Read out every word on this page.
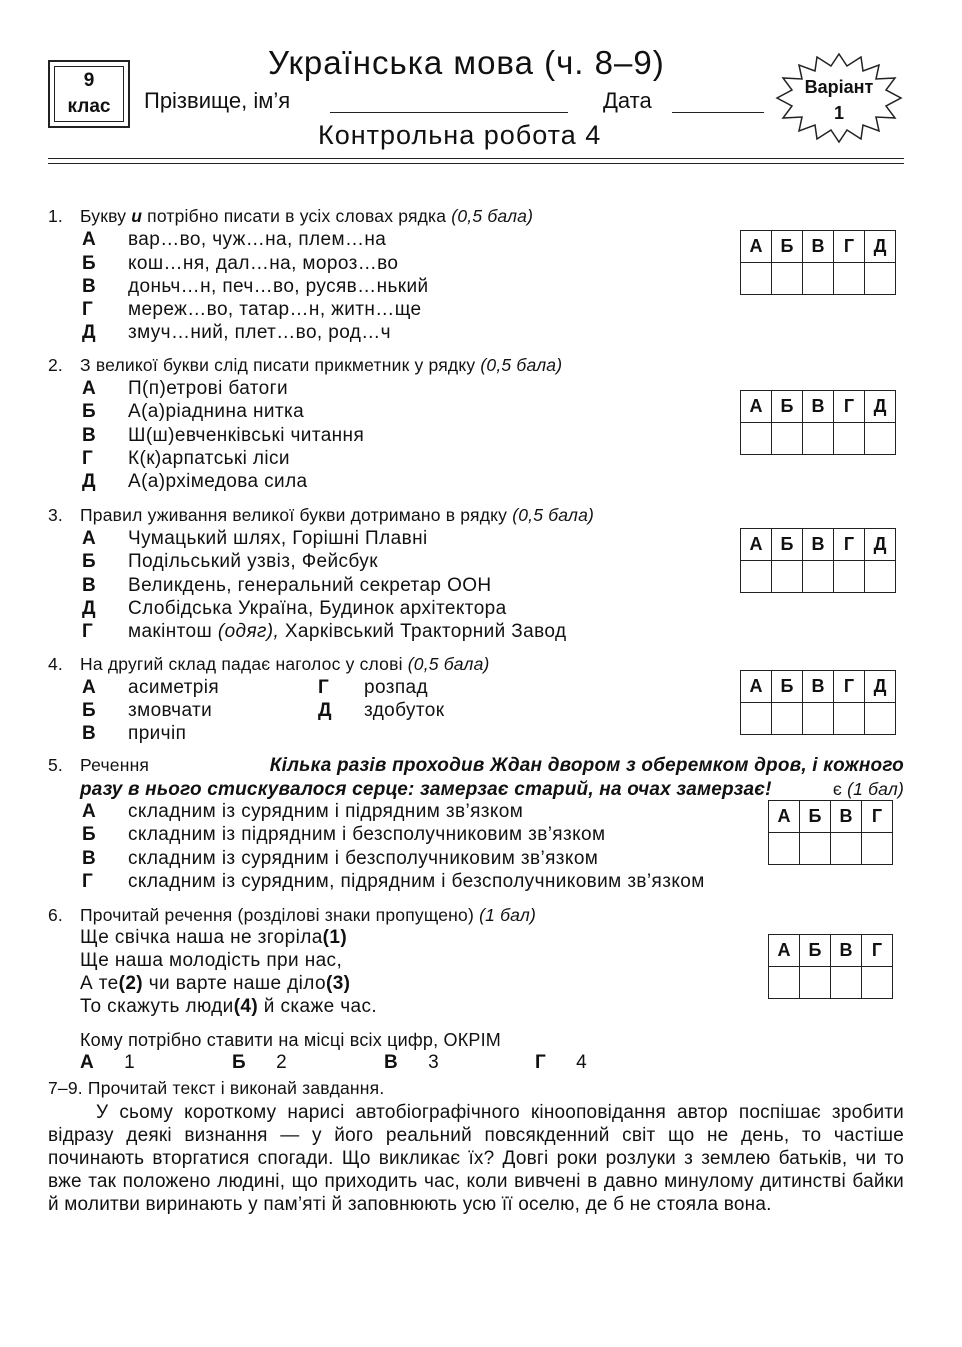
9
клас
Українська мова (ч. 8–9)
Прізвище, ім’я	Дата
Контрольна робота 4
Варіант
1
1. Букву и потрібно писати в усіх словах рядка (0,5 бала)
А вар…во, чуж…на, плем…на
Б кош…ня, дал…на, мороз…во
В доньч…н, печ…во, русяв…нький
Г мереж…во, татар…н, житн…ще
Д змуч…ний, плет…во, род…ч
А	Б	В	Г	Д

2. З великої букви слід писати прикметник у рядку (0,5 бала)
А П(п)етрові батоги
Б А(а)ріаднина нитка
В Ш(ш)евченківські читання
Г К(к)арпатські ліси
Д А(а)рхімедова сила
А	Б	В	Г	Д

3. Правил уживання великої букви дотримано в рядку (0,5 бала)
А Чумацький шлях, Горішні Плавні
Б Подільський узвіз, Фейсбук
В Великдень, генеральний секретар ООН
Д Слобідська Україна, Будинок архітектора
Г макінтош (одяг), Харківський Тракторний Завод
А	Б	В	Г	Д

4. На другий склад падає наголос у слові (0,5 бала)
А асиметрія	Г розпад
Б змовчати	Д здобуток
В причіп
А	Б	В	Г	Д

5. Речення	Кілька разів проходив Ждан двором з оберемком дров, і кожного
разу в нього стискувалося серце: замерзає старий, на очах замерзає!	є (1 бал)
А складним із сурядним і підрядним зв’язком
Б складним із підрядним і безсполучниковим зв’язком
В складним із сурядним і безсполучниковим зв’язком
Г складним із сурядним, підрядним і безсполучниковим зв’язком
А	Б	В	Г

6. Прочитай речення (розділові знаки пропущено) (1 бал)
Ще свічка наша не згоріла(1)
Ще наша молодість при нас,
А те(2) чи варте наше діло(3)
То скажуть люди(4) й скаже час.
Кому потрібно ставити на місці всіх цифр, ОКРІМ
А 1	Б 2	В 3	Г 4
А	Б	В	Г

7–9. Прочитай текст і виконай завдання.
У сьому короткому нарисі автобіографічного кінооповідання автор поспішає зробити відразу деякі визнання — у його реальний повсякденний світ що не день, то частіше починають вторгатися спогади. Що викликає їх? Довгі роки розлуки з землею батьків, чи то вже так положено людині, що приходить час, коли вивчені в давно минулому дитинстві байки й молитви виринають у пам’яті й заповнюють усю її оселю, де б не стояла вона.
